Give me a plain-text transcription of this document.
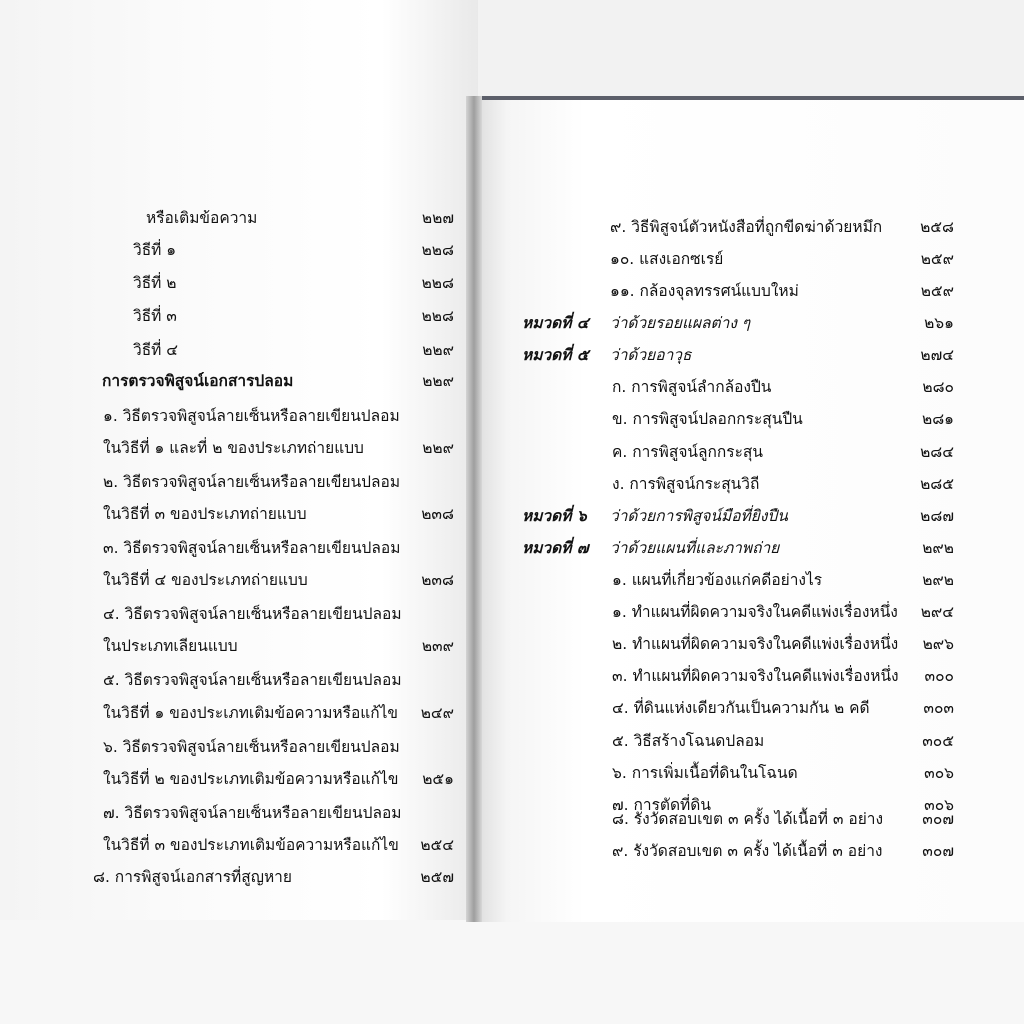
หรือเติมข้อความ	๒๒๗
วิธีที่ ๑	๒๒๘
วิธีที่ ๒	๒๒๘
วิธีที่ ๓	๒๒๘
วิธีที่ ๔	๒๒๙
การตรวจพิสูจน์เอกสารปลอม	๒๒๙
๑. วิธีตรวจพิสูจน์ลายเซ็นหรือลายเขียนปลอม
ในวิธีที่ ๑ และที่ ๒ ของประเภทถ่ายแบบ	๒๒๙
๒. วิธีตรวจพิสูจน์ลายเซ็นหรือลายเขียนปลอม
ในวิธีที่ ๓ ของประเภทถ่ายแบบ	๒๓๘
๓. วิธีตรวจพิสูจน์ลายเซ็นหรือลายเขียนปลอม
ในวิธีที่ ๔ ของประเภทถ่ายแบบ	๒๓๘
๔. วิธีตรวจพิสูจน์ลายเซ็นหรือลายเขียนปลอม
ในประเภทเลียนแบบ	๒๓๙
๕. วิธีตรวจพิสูจน์ลายเซ็นหรือลายเขียนปลอม
ในวิธีที่ ๑ ของประเภทเติมข้อความหรือแก้ไข	๒๔๙
๖. วิธีตรวจพิสูจน์ลายเซ็นหรือลายเขียนปลอม
ในวิธีที่ ๒ ของประเภทเติมข้อความหรือแก้ไข	๒๕๑
๗. วิธีตรวจพิสูจน์ลายเซ็นหรือลายเขียนปลอม
ในวิธีที่ ๓ ของประเภทเติมข้อความหรือแก้ไข	๒๕๔
๘. การพิสูจน์เอกสารที่สูญหาย	๒๕๗
๙. วิธีพิสูจน์ตัวหนังสือที่ถูกขีดฆ่าด้วยหมึก	๒๕๘
๑๐. แสงเอกซเรย์	๒๕๙
๑๑. กล้องจุลทรรศน์แบบใหม่	๒๕๙
หมวดที่ ๔ ว่าด้วยรอยแผลต่าง ๆ	๒๖๑
หมวดที่ ๕ ว่าด้วยอาวุธ	๒๗๔
ก. การพิสูจน์ลำกล้องปืน	๒๘๐
ข. การพิสูจน์ปลอกกระสุนปืน	๒๘๑
ค. การพิสูจน์ลูกกระสุน	๒๘๔
ง. การพิสูจน์กระสุนวิถี	๒๘๕
หมวดที่ ๖ ว่าด้วยการพิสูจน์มือที่ยิงปืน	๒๘๗
หมวดที่ ๗ ว่าด้วยแผนที่และภาพถ่าย	๒๙๒
๑. แผนที่เกี่ยวข้องแก่คดีอย่างไร	๒๙๒
๑. ทำแผนที่ผิดความจริงในคดีแพ่งเรื่องหนึ่ง	๒๙๔
๒. ทำแผนที่ผิดความจริงในคดีแพ่งเรื่องหนึ่ง	๒๙๖
๓. ทำแผนที่ผิดความจริงในคดีแพ่งเรื่องหนึ่ง	๓๐๐
๔. ที่ดินแห่งเดียวกันเป็นความกัน ๒ คดี	๓๐๓
๕. วิธีสร้างโฉนดปลอม	๓๐๕
๖. การเพิ่มเนื้อที่ดินในโฉนด	๓๐๖
๗. การตัดที่ดิน	๓๐๖
๘. รังวัดสอบเขต ๓ ครั้ง ได้เนื้อที่ ๓ อย่าง	๓๐๗
๙. รังวัดสอบเขต ๓ ครั้ง ได้เนื้อที่ ๓ อย่าง	๓๐๗
